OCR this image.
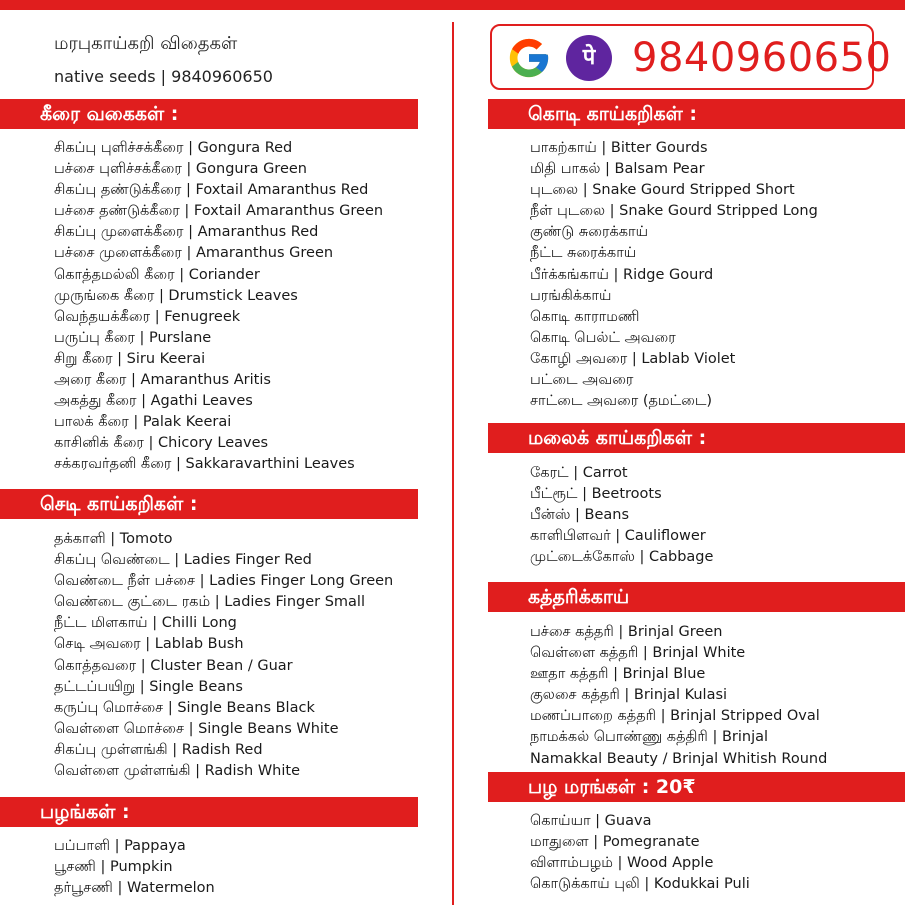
மரபுகாய்கறி விதைகள்
native seeds | 9840960650
पे 9840960650
கீரை வகைகள் :
சிகப்பு புளிச்சக்கீரை | Gongura Red
பச்சை புளிச்சக்கீரை | Gongura Green
சிகப்பு தண்டுக்கீரை | Foxtail Amaranthus Red
பச்சை தண்டுக்கீரை | Foxtail Amaranthus Green
சிகப்பு முளைக்கீரை | Amaranthus Red
பச்சை முளைக்கீரை | Amaranthus Green
கொத்தமல்லி கீரை | Coriander
முருங்கை கீரை | Drumstick Leaves
வெந்தயக்கீரை | Fenugreek
பருப்பு கீரை | Purslane
சிறு கீரை | Siru Keerai
அரை கீரை | Amaranthus Aritis
அகத்து கீரை | Agathi Leaves
பாலக் கீரை | Palak Keerai
காசினிக் கீரை | Chicory Leaves
சக்கரவர்தனி கீரை | Sakkaravarthini Leaves
செடி காய்கறிகள் :
தக்காளி | Tomoto
சிகப்பு வெண்டை | Ladies Finger Red
வெண்டை நீள் பச்சை | Ladies Finger Long Green
வெண்டை குட்டை ரகம் | Ladies Finger Small
நீட்ட மிளகாய் | Chilli Long
செடி அவரை | Lablab Bush
கொத்தவரை | Cluster Bean / Guar
தட்டப்பயிறு | Single Beans
கருப்பு மொச்சை | Single Beans Black
வெள்ளை மொச்சை | Single Beans White
சிகப்பு முள்ளங்கி | Radish Red
வெள்ளை முள்ளங்கி | Radish White
பழங்கள் :
பப்பாளி | Pappaya
பூசணி | Pumpkin
தர்பூசணி | Watermelon
கொடி காய்கறிகள் :
பாகற்காய் | Bitter Gourds
மிதி பாகல் | Balsam Pear
புடலை | Snake Gourd Stripped Short
நீள் புடலை | Snake Gourd Stripped Long
குண்டு சுரைக்காய்
நீட்ட சுரைக்காய்
பீர்க்கங்காய் | Ridge Gourd
பரங்கிக்காய்
கொடி காராமணி
கொடி பெல்ட் அவரை
கோழி அவரை | Lablab Violet
பட்டை அவரை
சாட்டை அவரை (தமட்டை)
மலைக் காய்கறிகள் :
கேரட் | Carrot
பீட்ரூட் | Beetroots
பீன்ஸ் | Beans
காளிபிளவர் | Cauliflower
முட்டைக்கோஸ் | Cabbage
கத்தரிக்காய்
பச்சை கத்தரி | Brinjal Green
வெள்ளை கத்தரி | Brinjal White
ஊதா கத்தரி | Brinjal Blue
குலசை கத்தரி | Brinjal Kulasi
மணப்பாறை கத்தரி | Brinjal Stripped Oval
நாமக்கல் பொண்ணு கத்திரி | Brinjal
Namakkal Beauty / Brinjal Whitish Round
பழ மரங்கள் : 20₹
கொய்யா | Guava
மாதுளை | Pomegranate
விளாம்பழம் | Wood Apple
கொடுக்காய் புலி | Kodukkai Puli
